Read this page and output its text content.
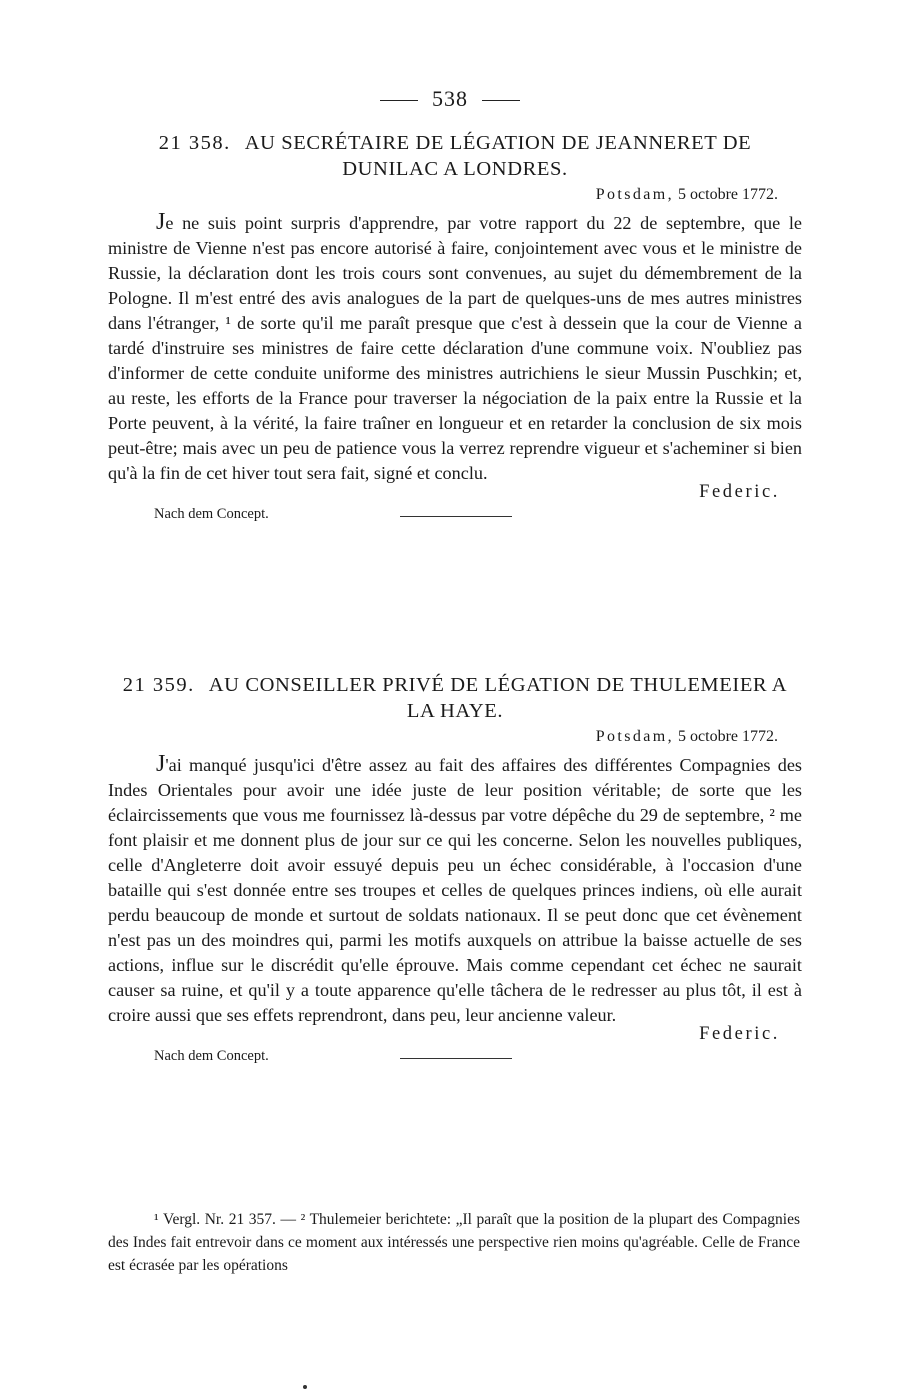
538
21 358. AU SECRÉTAIRE DE LÉGATION DE JEANNERET DE DUNILAC A LONDRES.
Potsdam, 5 octobre 1772.

Je ne suis point surpris d'apprendre, par votre rapport du 22 de septembre, que le ministre de Vienne n'est pas encore autorisé à faire, conjointement avec vous et le ministre de Russie, la déclaration dont les trois cours sont convenues, au sujet du démembrement de la Pologne. Il m'est entré des avis analogues de la part de quelques-uns de mes autres ministres dans l'étranger, ¹ de sorte qu'il me paraît presque que c'est à dessein que la cour de Vienne a tardé d'instruire ses ministres de faire cette déclaration d'une commune voix. N'oubliez pas d'informer de cette conduite uniforme des ministres autrichiens le sieur Mussin Puschkin; et, au reste, les efforts de la France pour traverser la négociation de la paix entre la Russie et la Porte peuvent, à la vérité, la faire traîner en longueur et en retarder la conclusion de six mois peut-être; mais avec un peu de patience vous la verrez reprendre vigueur et s'acheminer si bien qu'à la fin de cet hiver tout sera fait, signé et conclu.

Federic.
Nach dem Concept.
21 359. AU CONSEILLER PRIVÉ DE LÉGATION DE THULEMEIER A LA HAYE.
Potsdam, 5 octobre 1772.

J'ai manqué jusqu'ici d'être assez au fait des affaires des différentes Compagnies des Indes Orientales pour avoir une idée juste de leur position véritable; de sorte que les éclaircissements que vous me fournissez là-dessus par votre dépêche du 29 de septembre, ² me font plaisir et me donnent plus de jour sur ce qui les concerne. Selon les nouvelles publiques, celle d'Angleterre doit avoir essuyé depuis peu un échec considérable, à l'occasion d'une bataille qui s'est donnée entre ses troupes et celles de quelques princes indiens, où elle aurait perdu beaucoup de monde et surtout de soldats nationaux. Il se peut donc que cet évènement n'est pas un des moindres qui, parmi les motifs auxquels on attribue la baisse actuelle de ses actions, influe sur le discrédit qu'elle éprouve. Mais comme cependant cet échec ne saurait causer sa ruine, et qu'il y a toute apparence qu'elle tâchera de le redresser au plus tôt, il est à croire aussi que ses effets reprendront, dans peu, leur ancienne valeur.

Federic.
Nach dem Concept.

¹ Vergl. Nr. 21 357. — ² Thulemeier berichtete: „Il paraît que la position de la plupart des Compagnies des Indes fait entrevoir dans ce moment aux intéressés une perspective rien moins qu'agréable. Celle de France est écrasée par les opérations
